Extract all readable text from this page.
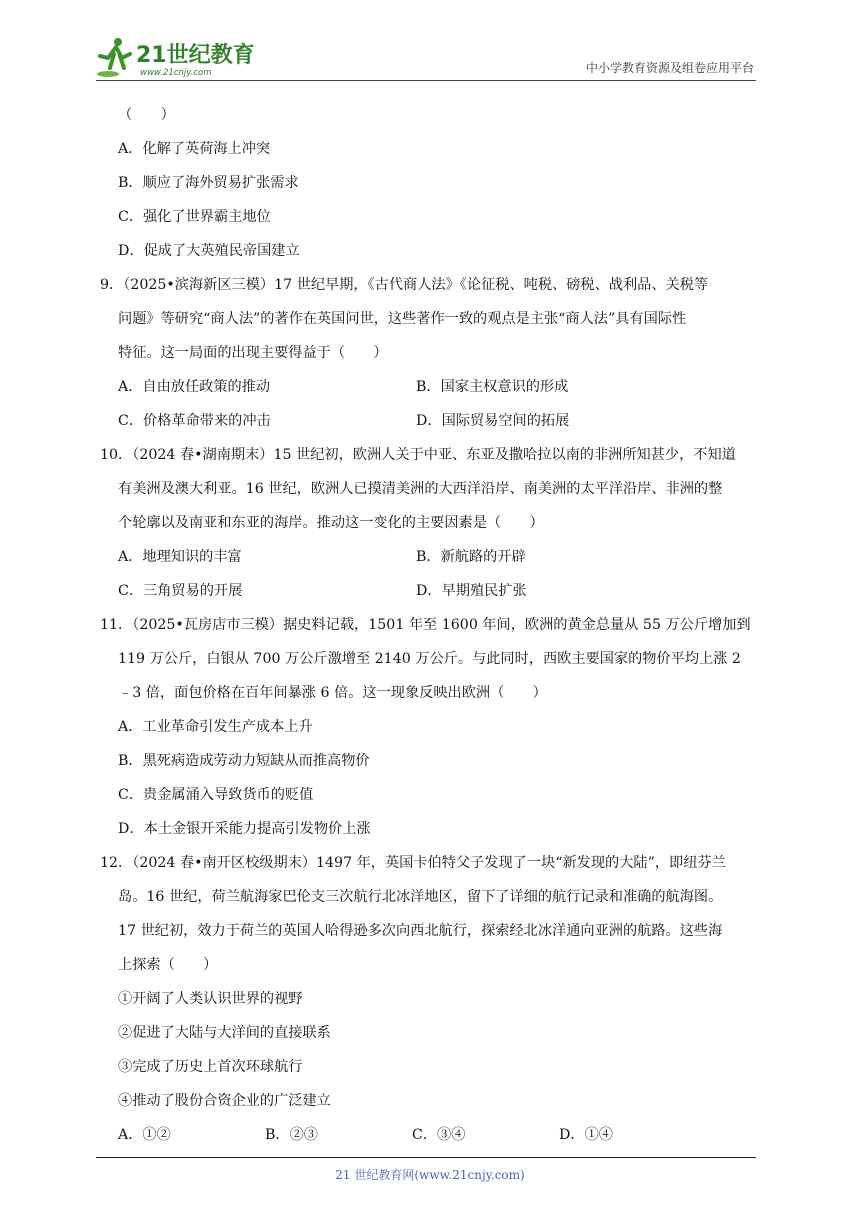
21世纪教育
www.21cnjy.com	中小学教育资源及组卷应用平台
（　　）
A．化解了英荷海上冲突
B．顺应了海外贸易扩张需求
C．强化了世界霸主地位
D．促成了大英殖民帝国建立
9．（2025•滨海新区三模）17 世纪早期，《古代商人法》《论征税、吨税、磅税、战利品、关税等
问题》等研究“商人法”的著作在英国问世，这些著作一致的观点是主张“商人法”具有国际性
特征。这一局面的出现主要得益于（　　）
A．自由放任政策的推动	B．国家主权意识的形成
C．价格革命带来的冲击	D．国际贸易空间的拓展
10．（2024 春•湖南期末）15 世纪初，欧洲人关于中亚、东亚及撒哈拉以南的非洲所知甚少，不知道
有美洲及澳大利亚。16 世纪，欧洲人已摸清美洲的大西洋沿岸、南美洲的太平洋沿岸、非洲的整
个轮廓以及南亚和东亚的海岸。推动这一变化的主要因素是（　　）
A．地理知识的丰富	B．新航路的开辟
C．三角贸易的开展	D．早期殖民扩张
11．（2025•瓦房店市三模）据史料记载，1501 年至 1600 年间，欧洲的黄金总量从 55 万公斤增加到
119 万公斤，白银从 700 万公斤激增至 2140 万公斤。与此同时，西欧主要国家的物价平均上涨 2
﹣3 倍，面包价格在百年间暴涨 6 倍。这一现象反映出欧洲（　　）
A．工业革命引发生产成本上升
B．黑死病造成劳动力短缺从而推高物价
C．贵金属涌入导致货币的贬值
D．本土金银开采能力提高引发物价上涨
12．（2024 春•南开区校级期末）1497 年，英国卡伯特父子发现了一块“新发现的大陆”，即纽芬兰
岛。16 世纪，荷兰航海家巴伦支三次航行北冰洋地区，留下了详细的航行记录和准确的航海图。
17 世纪初，效力于荷兰的英国人哈得逊多次向西北航行，探索经北冰洋通向亚洲的航路。这些海
上探索（　　）
①开阔了人类认识世界的视野
②促进了大陆与大洋间的直接联系
③完成了历史上首次环球航行
④推动了股份合资企业的广泛建立
A．①②	B．②③	C．③④	D．①④
21 世纪教育网(www.21cnjy.com)
